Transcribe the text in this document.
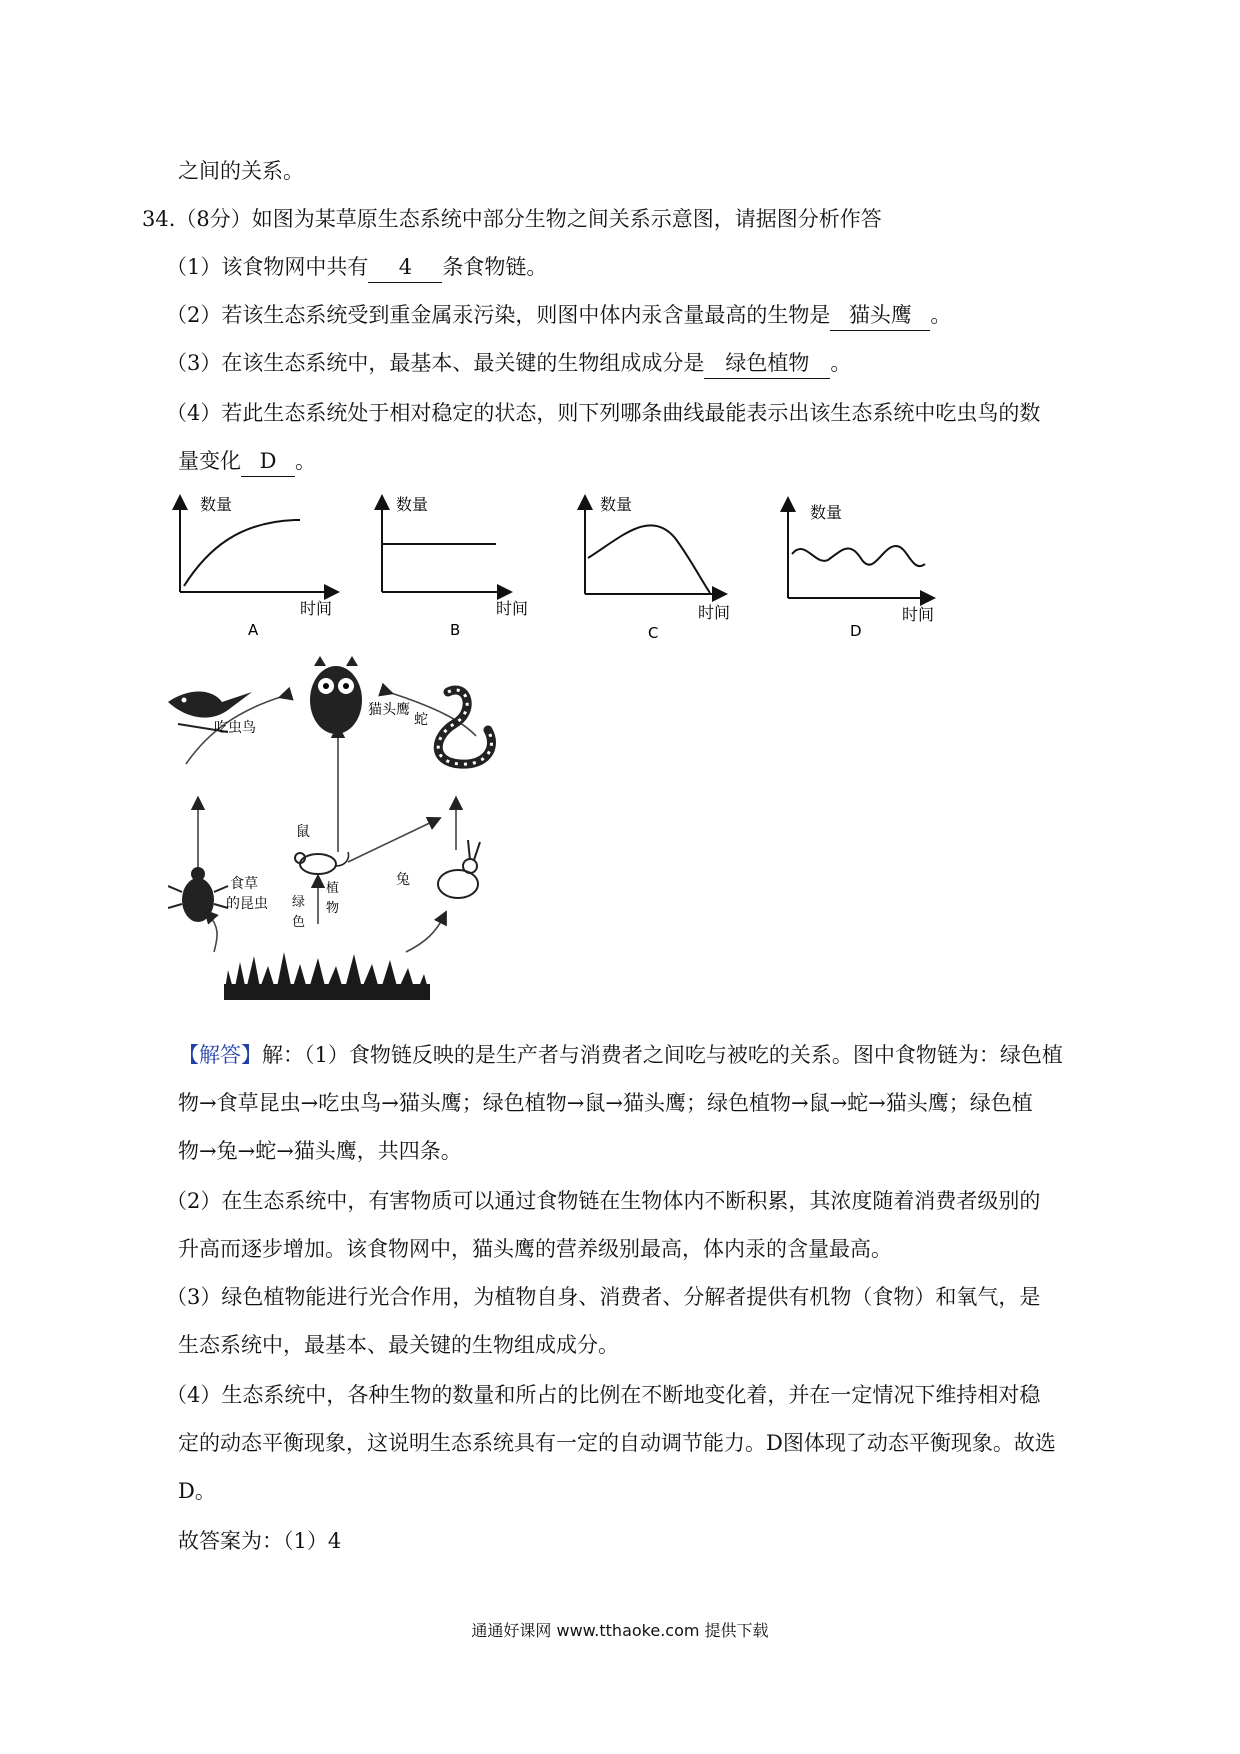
之间的关系。
34.（8分）如图为某草原生态系统中部分生物之间关系示意图，请据图分析作答
（1）该食物网中共有 4 条食物链。
（2）若该生态系统受到重金属汞污染，则图中体内汞含量最高的生物是 猫头鹰 。
（3）在该生态系统中，最基本、最关键的生物组成成分是 绿色植物 。
（4）若此生态系统处于相对稳定的状态，则下列哪条曲线最能表示出该生态系统中吃虫鸟的数
量变化 D 。
数量
时间
A
数量
时间
B
数量
时间
C
数量
时间
D
猫头鹰
吃虫鸟	蛇
鼠
兔
食草
的昆虫 绿
色
植
物
【解答】解：（1）食物链反映的是生产者与消费者之间吃与被吃的关系。图中食物链为：绿色植
物→食草昆虫→吃虫鸟→猫头鹰；绿色植物→鼠→猫头鹰；绿色植物→鼠→蛇→猫头鹰；绿色植
物→兔→蛇→猫头鹰，共四条。
（2）在生态系统中，有害物质可以通过食物链在生物体内不断积累，其浓度随着消费者级别的
升高而逐步增加。该食物网中，猫头鹰的营养级别最高，体内汞的含量最高。
（3）绿色植物能进行光合作用，为植物自身、消费者、分解者提供有机物（食物）和氧气，是
生态系统中，最基本、最关键的生物组成成分。
（4）生态系统中，各种生物的数量和所占的比例在不断地变化着，并在一定情况下维持相对稳
定的动态平衡现象，这说明生态系统具有一定的自动调节能力。D图体现了动态平衡现象。故选
D。
故答案为：（1）4
通通好课网 www.tthaoke.com 提供下载
